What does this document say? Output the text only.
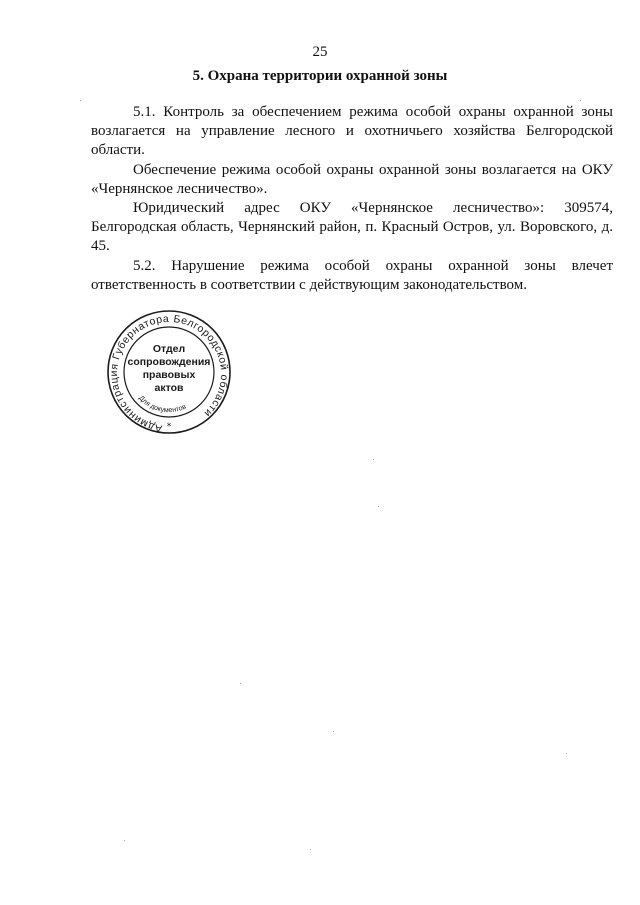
25
5. Охрана территории охранной зоны

5.1. Контроль за обеспечением режима особой охраны охранной зоны возлагается на управление лесного и охотничьего хозяйства Белгородской области.

Обеспечение режима особой охраны охранной зоны возлагается на ОКУ «Чернянское лесничество».

Юридический адрес ОКУ «Чернянское лесничество»: 309574, Белгородская область, Чернянский район, п. Красный Остров, ул. Воровского, д. 45.

5.2. Нарушение режима особой охраны охранной зоны влечет ответственность в соответствии с действующим законодательством.

Администрация Губернатора Белгородской области
Для документов
Отдел
сопровождения
правовых
актов
*
